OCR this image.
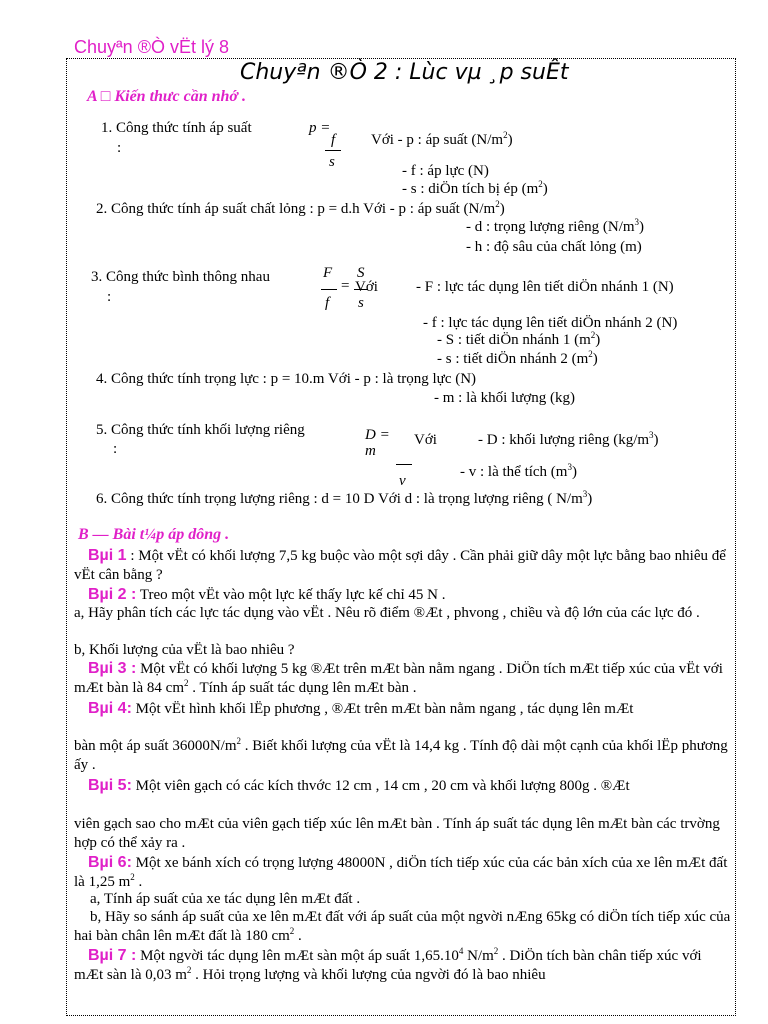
Chuyªn ®Ò vËt lý 8
Chuyªn ®Ò 2 : Lùc vµ ¸p suÊt
A □ Kiến thưc cần nhớ .
1. Công thức tính áp suất
:
p =
f
s
Với - p : áp suất $(N/m^2)$
- f : áp lực (N)
- s : diÖn tích bị ép $(m^2)$
2. Công thức tính áp suất chất lỏng : p = d.h Với - p : áp suất $(N/m^2)$
- d : trọng lượng riêng $(N/m^3)$
- h : độ sâu của chất lỏng (m)
3. Công thức bình thông nhau
:
F
f
=
S
s
Với	- F : lực tác dụng lên tiết diÖn nhánh 1 (N)
- f : lực tác dụng lên tiết diÖn nhánh 2 (N)
- S : tiết diÖn nhánh 1 $(m^2)$
- s : tiết diÖn nhánh 2 $(m^2)$
4. Công thức tính trọng lực : p = 10.m Với - p : là trọng lực (N)
- m : là khối lượng (kg)
5. Công thức tính khối lượng riêng
:
D =
m
v
Với	- D : khối lượng riêng $(kg/m^3)$
- v : là thể tích $(m^3)$
6. Công thức tính trọng lượng riêng : d = 10 D Với d : là trọng lượng riêng ( $N/m^3$)
B — Bài t¼p áp dông .
Bµi 1 : Một vËt có khối lượng 7,5 kg buộc vào một sợi dây . Cần phải giữ dây một lực bằng bao nhiêu để vËt cân bằng ?
Bµi 2 : Treo một vËt vào một lực kế thấy lực kế chỉ 45 N .
a, Hãy phân tích các lực tác dụng vào vËt . Nêu rõ điểm ®Æt , phvong , chiều và độ lớn của các lực đó .
b, Khối lượng của vËt là bao nhiêu ?
Bµi 3 : Một vËt có khối lượng 5 kg ®Æt trên mÆt bàn nằm ngang . DiÖn tích mÆt tiếp xúc của vËt với mÆt bàn là 84 $cm^2$ . Tính áp suất tác dụng lên mÆt bàn .
Bµi 4: Một vËt hình khối lËp phương , ®Æt trên mÆt bàn nằm ngang , tác dụng lên mÆt
bàn một áp suất $36000N/m^2$ . Biết khối lượng của vËt là 14,4 kg . Tính độ dài một cạnh của khối lËp phương ấy .
Bµi 5: Một viên gạch có các kích thvớc 12 cm , 14 cm , 20 cm và khối lượng 800g . ®Æt
viên gạch sao cho mÆt của viên gạch tiếp xúc lên mÆt bàn . Tính áp suất tác dụng lên mÆt bàn các trvờng hợp có thể xảy ra .
Bµi 6: Một xe bánh xích có trọng lượng 48000N , diÖn tích tiếp xúc của các bản xích của xe lên mÆt đất là 1,25 $m^2$ .
a, Tính áp suất của xe tác dụng lên mÆt đất .
b, Hãy so sánh áp suất của xe lên mÆt đất với áp suất của một ngvời nÆng 65kg có diÖn tích tiếp xúc của hai bàn chân lên mÆt đất là 180 $cm^2$ .
Bµi 7 : Một ngvời tác dụng lên mÆt sàn một áp suất 1,65.10$^4$ $N/m^2$ . DiÖn tích bàn chân tiếp xúc với mÆt sàn là 0,03 $m^2$ . Hỏi trọng lượng và khối lượng của ngvời đó là bao nhiêu
